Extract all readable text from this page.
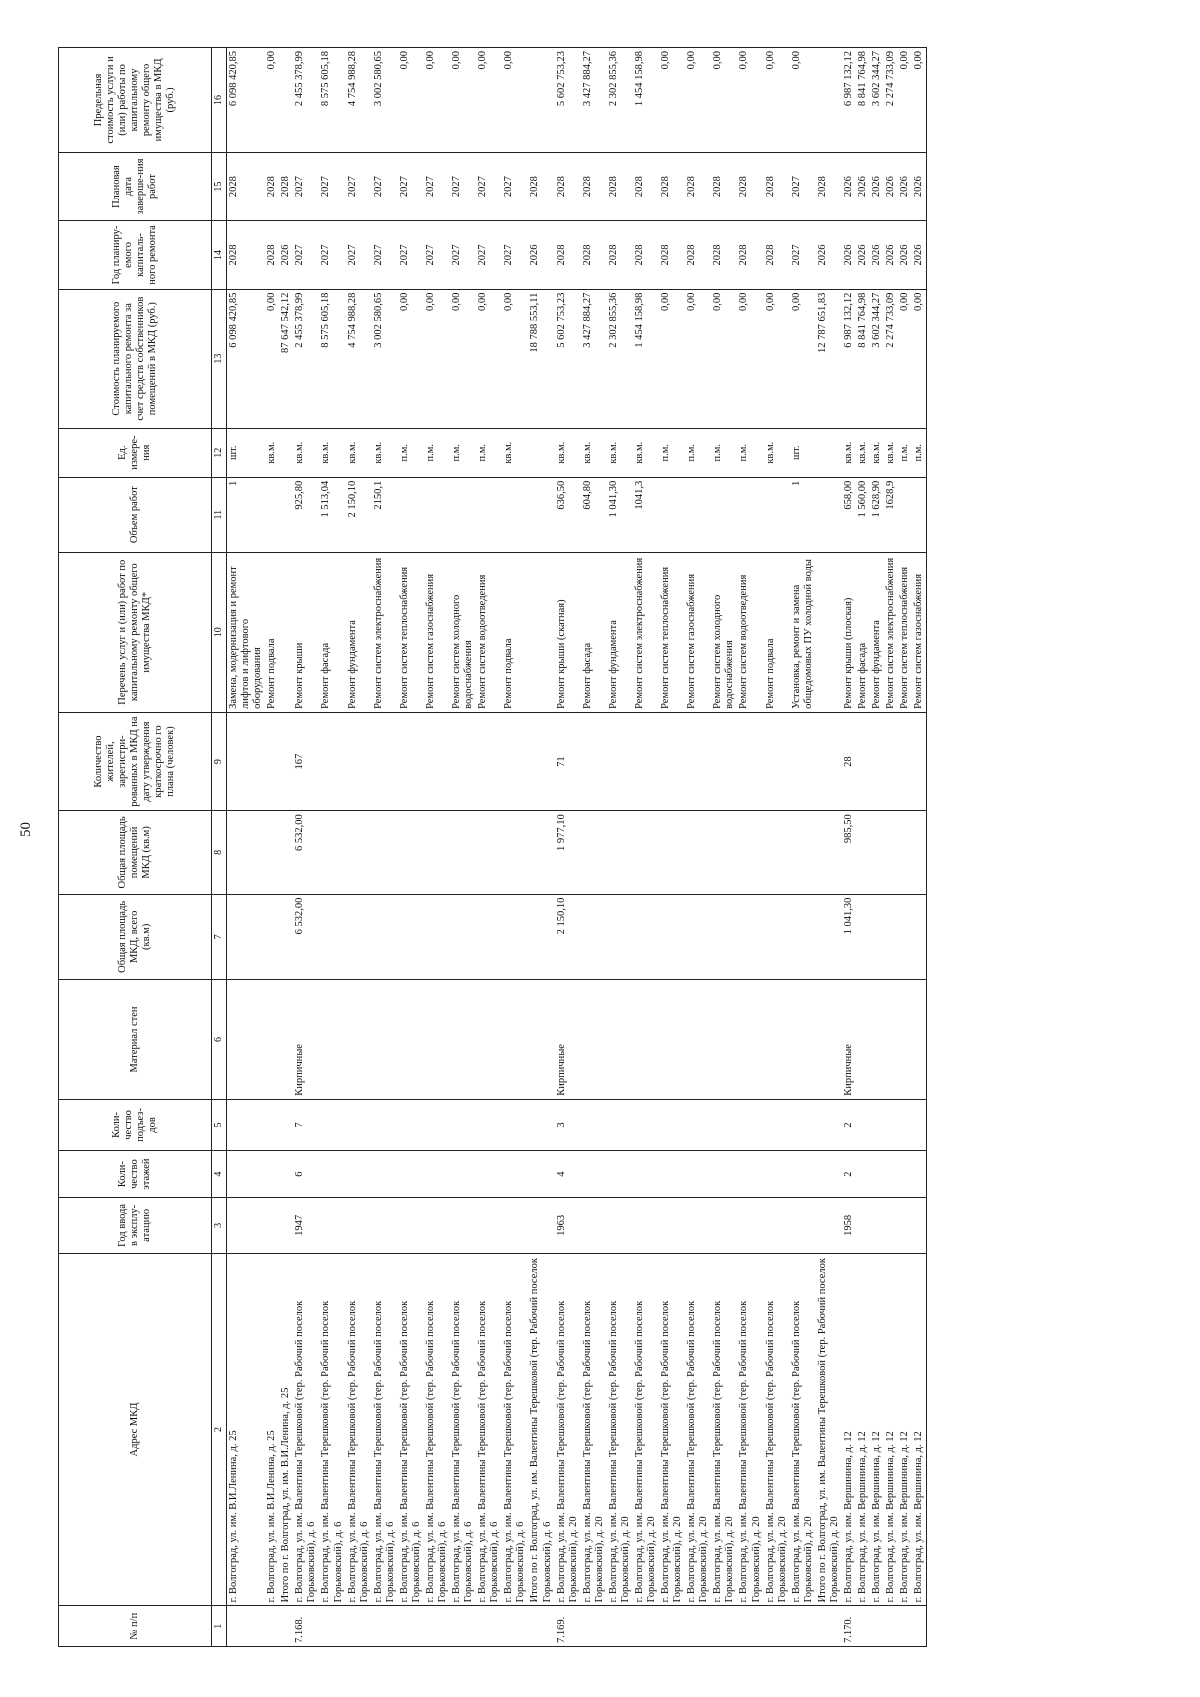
50
№ п/п	Адрес МКД	Год ввода в эксплу-атацию	Коли-чество этажей	Коли-чество подъез-дов	Материал стен	Общая площадь МКД, всего (кв.м)	Общая площадь помещений МКД (кв.м)	Количество жителей, зарегистри-рованных в МКД на дату утверждения краткосрочно го плана (человек)	Перечень услуг и (или) работ по капитальному ремонту общего имущества МКД*	Объем работ	Ед. измере-ния	Стоимость планируемого капитального ремонта за счет средств собственников помещений в МКД (руб.)	Год планиру-емого капиталь-ного ремонта	Плановая дата заверше-ния работ	Предельная стоимость услуги и (или) работы по капитальному ремонту общего имущества в МКД (руб.)
1	2	3	4	5	6	7	8	9	10	11	12	13	14	15	16
	г. Волгоград, ул. им. В.И.Ленина, д. 25								Замена, модернизация и ремонт лифтов и лифтового оборудования	1	шт.	6 098 420,85	2028	2028	6 098 420,85
	г. Волгоград, ул. им. В.И.Ленина, д. 25								Ремонт подвала		кв.м.	0,00	2028	2028	0,00
	Итого по г. Волгоград, ул. им. В.И.Ленина, д. 25											87 647 542,12	2026	2028	
7.168.	г. Волгоград, ул. им. Валентины Терешковой (тер. Рабочий поселок Горьковский), д. 6	1947	6	7	Кирпичные	6 532,00	6 532,00	167	Ремонт крыши	925,80	кв.м.	2 455 378,99	2027	2027	2 455 378,99
	г. Волгоград, ул. им. Валентины Терешковой (тер. Рабочий поселок Горьковский), д. 6								Ремонт фасада	1 513,04	кв.м.	8 575 605,18	2027	2027	8 575 605,18
	г. Волгоград, ул. им. Валентины Терешковой (тер. Рабочий поселок Горьковский), д. 6								Ремонт фундамента	2 150,10	кв.м.	4 754 988,28	2027	2027	4 754 988,28
	г. Волгоград, ул. им. Валентины Терешковой (тер. Рабочий поселок Горьковский), д. 6								Ремонт систем электроснабжения	2150,1	кв.м.	3 002 580,65	2027	2027	3 002 580,65
	г. Волгоград, ул. им. Валентины Терешковой (тер. Рабочий поселок Горьковский), д. 6								Ремонт систем теплоснабжения		п.м.	0,00	2027	2027	0,00
	г. Волгоград, ул. им. Валентины Терешковой (тер. Рабочий поселок Горьковский), д. 6								Ремонт систем газоснабжения		п.м.	0,00	2027	2027	0,00
	г. Волгоград, ул. им. Валентины Терешковой (тер. Рабочий поселок Горьковский), д. 6								Ремонт систем холодного водоснабжения		п.м.	0,00	2027	2027	0,00
	г. Волгоград, ул. им. Валентины Терешковой (тер. Рабочий поселок Горьковский), д. 6								Ремонт систем водоотведения		п.м.	0,00	2027	2027	0,00
	г. Волгоград, ул. им. Валентины Терешковой (тер. Рабочий поселок Горьковский), д. 6								Ремонт подвала		кв.м.	0,00	2027	2027	0,00
	Итого по г. Волгоград, ул. им. Валентины Терешковой (тер. Рабочий поселок Горьковский), д. 6											18 788 553,11	2026	2028	
7.169.	г. Волгоград, ул. им. Валентины Терешковой (тер. Рабочий поселок Горьковский), д. 20	1963	4	3	Кирпичные	2 150,10	1 977,10	71	Ремонт крыши (скатная)	636,50	кв.м.	5 602 753,23	2028	2028	5 602 753,23
	г. Волгоград, ул. им. Валентины Терешковой (тер. Рабочий поселок Горьковский), д. 20								Ремонт фасада	604,80	кв.м.	3 427 884,27	2028	2028	3 427 884,27
	г. Волгоград, ул. им. Валентины Терешковой (тер. Рабочий поселок Горьковский), д. 20								Ремонт фундамента	1 041,30	кв.м.	2 302 855,36	2028	2028	2 302 855,36
	г. Волгоград, ул. им. Валентины Терешковой (тер. Рабочий поселок Горьковский), д. 20								Ремонт систем электроснабжения	1041,3	кв.м.	1 454 158,98	2028	2028	1 454 158,98
	г. Волгоград, ул. им. Валентины Терешковой (тер. Рабочий поселок Горьковский), д. 20								Ремонт систем теплоснабжения		п.м.	0,00	2028	2028	0,00
	г. Волгоград, ул. им. Валентины Терешковой (тер. Рабочий поселок Горьковский), д. 20								Ремонт систем газоснабжения		п.м.	0,00	2028	2028	0,00
	г. Волгоград, ул. им. Валентины Терешковой (тер. Рабочий поселок Горьковский), д. 20								Ремонт систем холодного водоснабжения		п.м.	0,00	2028	2028	0,00
	г. Волгоград, ул. им. Валентины Терешковой (тер. Рабочий поселок Горьковский), д. 20								Ремонт систем водоотведения		п.м.	0,00	2028	2028	0,00
	г. Волгоград, ул. им. Валентины Терешковой (тер. Рабочий поселок Горьковский), д. 20								Ремонт подвала		кв.м.	0,00	2028	2028	0,00
	г. Волгоград, ул. им. Валентины Терешковой (тер. Рабочий поселок Горьковский), д. 20								Установка, ремонт и замена общедомовых ПУ холодной воды	1	шт.	0,00	2027	2027	0,00
	Итого по г. Волгоград, ул. им. Валентины Терешковой (тер. Рабочий поселок Горьковский), д. 20											12 787 651,83	2026	2028	
7.170.	г. Волгоград, ул. им. Вершинина, д. 12	1958	2	2	Кирпичные	1 041,30	985,50	28	Ремонт крыши (плоская)	658,00	кв.м.	6 987 132,12	2026	2026	6 987 132,12
	г. Волгоград, ул. им. Вершинина, д. 12								Ремонт фасада	1 560,00	кв.м.	8 841 764,98	2026	2026	8 841 764,98
	г. Волгоград, ул. им. Вершинина, д. 12								Ремонт фундамента	1 628,90	кв.м.	3 602 344,27	2026	2026	3 602 344,27
	г. Волгоград, ул. им. Вершинина, д. 12								Ремонт систем электроснабжения	1628,9	кв.м.	2 274 733,09	2026	2026	2 274 733,09
	г. Волгоград, ул. им. Вершинина, д. 12								Ремонт систем теплоснабжения		п.м.	0,00	2026	2026	0,00
	г. Волгоград, ул. им. Вершинина, д. 12								Ремонт систем газоснабжения		п.м.	0,00	2026	2026	0,00
